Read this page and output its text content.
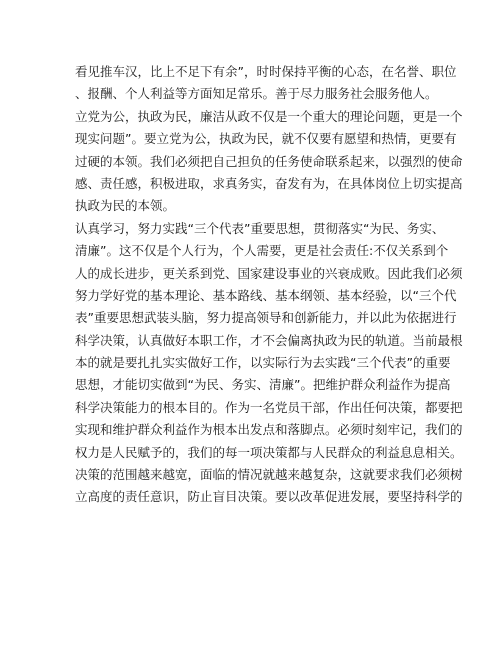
看见推车汉，比上不足下有余”，时时保持平衡的心态，在名誉、职位
、报酬、个人利益等方面知足常乐。善于尽力服务社会服务他人。
立党为公，执政为民，廉洁从政不仅是一个重大的理论问题，更是一个
现实问题”。要立党为公，执政为民，就不仅要有愿望和热情，更要有
过硬的本领。我们必须把自己担负的任务使命联系起来，以强烈的使命
感、责任感，积极进取，求真务实，奋发有为，在具体岗位上切实提高
执政为民的本领。
认真学习，努力实践“三个代表”重要思想，贯彻落实“为民、务实、
清廉”。这不仅是个人行为，个人需要，更是社会责任:不仅关系到个
人的成长进步，更关系到党、国家建设事业的兴衰成败。因此我们必须
努力学好党的基本理论、基本路线、基本纲领、基本经验，以“三个代
表”重要思想武装头脑，努力提高领导和创新能力，并以此为依据进行
科学决策，认真做好本职工作，才不会偏离执政为民的轨道。当前最根
本的就是要扎扎实实做好工作，以实际行为去实践“三个代表”的重要
思想，才能切实做到“为民、务实、清廉”。把维护群众利益作为提高
科学决策能力的根本目的。作为一名党员干部，作出任何决策，都要把
实现和维护群众利益作为根本出发点和落脚点。必须时刻牢记，我们的
权力是人民赋予的，我们的每一项决策都与人民群众的利益息息相关。
决策的范围越来越宽，面临的情况就越来越复杂，这就要求我们必须树
立高度的责任意识，防止盲目决策。要以改革促进发展，要坚持科学的
